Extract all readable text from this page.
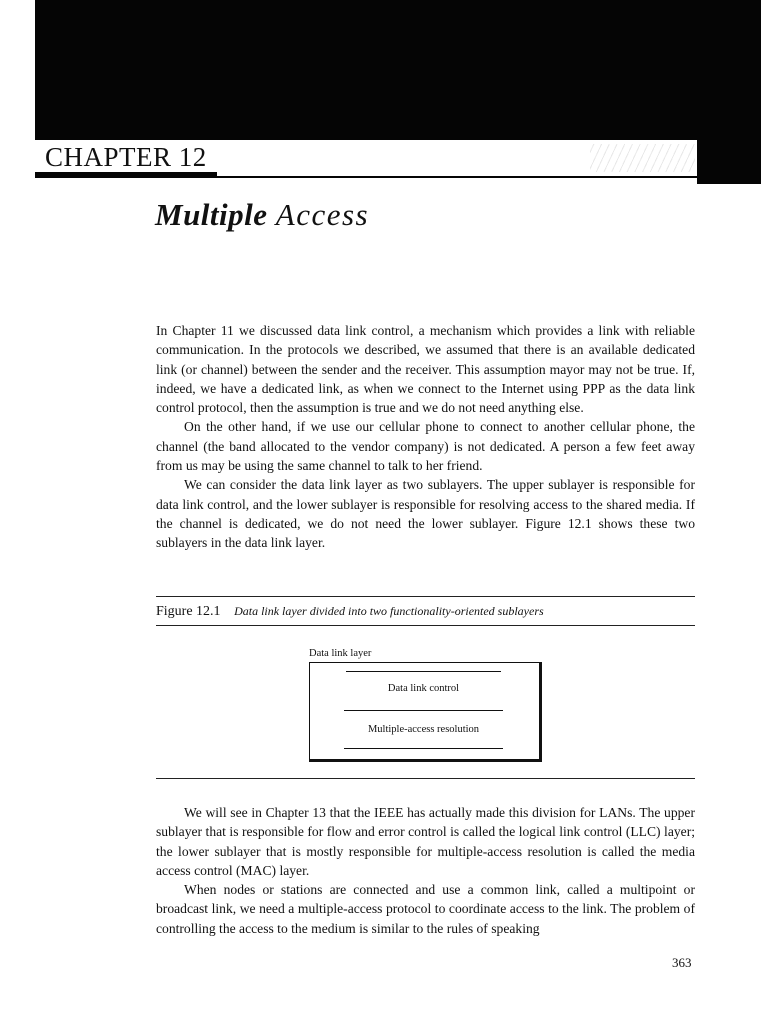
CHAPTER 12
Multiple Access

In Chapter 11 we discussed data link control, a mechanism which provides a link with reliable communication. In the protocols we described, we assumed that there is an available dedicated link (or channel) between the sender and the receiver. This assumption mayor may not be true. If, indeed, we have a dedicated link, as when we connect to the Internet using PPP as the data link control protocol, then the assumption is true and we do not need anything else.

On the other hand, if we use our cellular phone to connect to another cellular phone, the channel (the band allocated to the vendor company) is not dedicated. A person a few feet away from us may be using the same channel to talk to her friend.

We can consider the data link layer as two sublayers. The upper sublayer is responsible for data link control, and the lower sublayer is responsible for resolving access to the shared media. If the channel is dedicated, we do not need the lower sublayer. Figure 12.1 shows these two sublayers in the data link layer.

Figure 12.1 Data link layer divided into two functionality-oriented sublayers
Data link layer
Data link control
Multiple-access resolution

We will see in Chapter 13 that the IEEE has actually made this division for LANs. The upper sublayer that is responsible for flow and error control is called the logical link control (LLC) layer; the lower sublayer that is mostly responsible for multiple-access resolution is called the media access control (MAC) layer.

When nodes or stations are connected and use a common link, called a multipoint or broadcast link, we need a multiple-access protocol to coordinate access to the link. The problem of controlling the access to the medium is similar to the rules of speaking

363
